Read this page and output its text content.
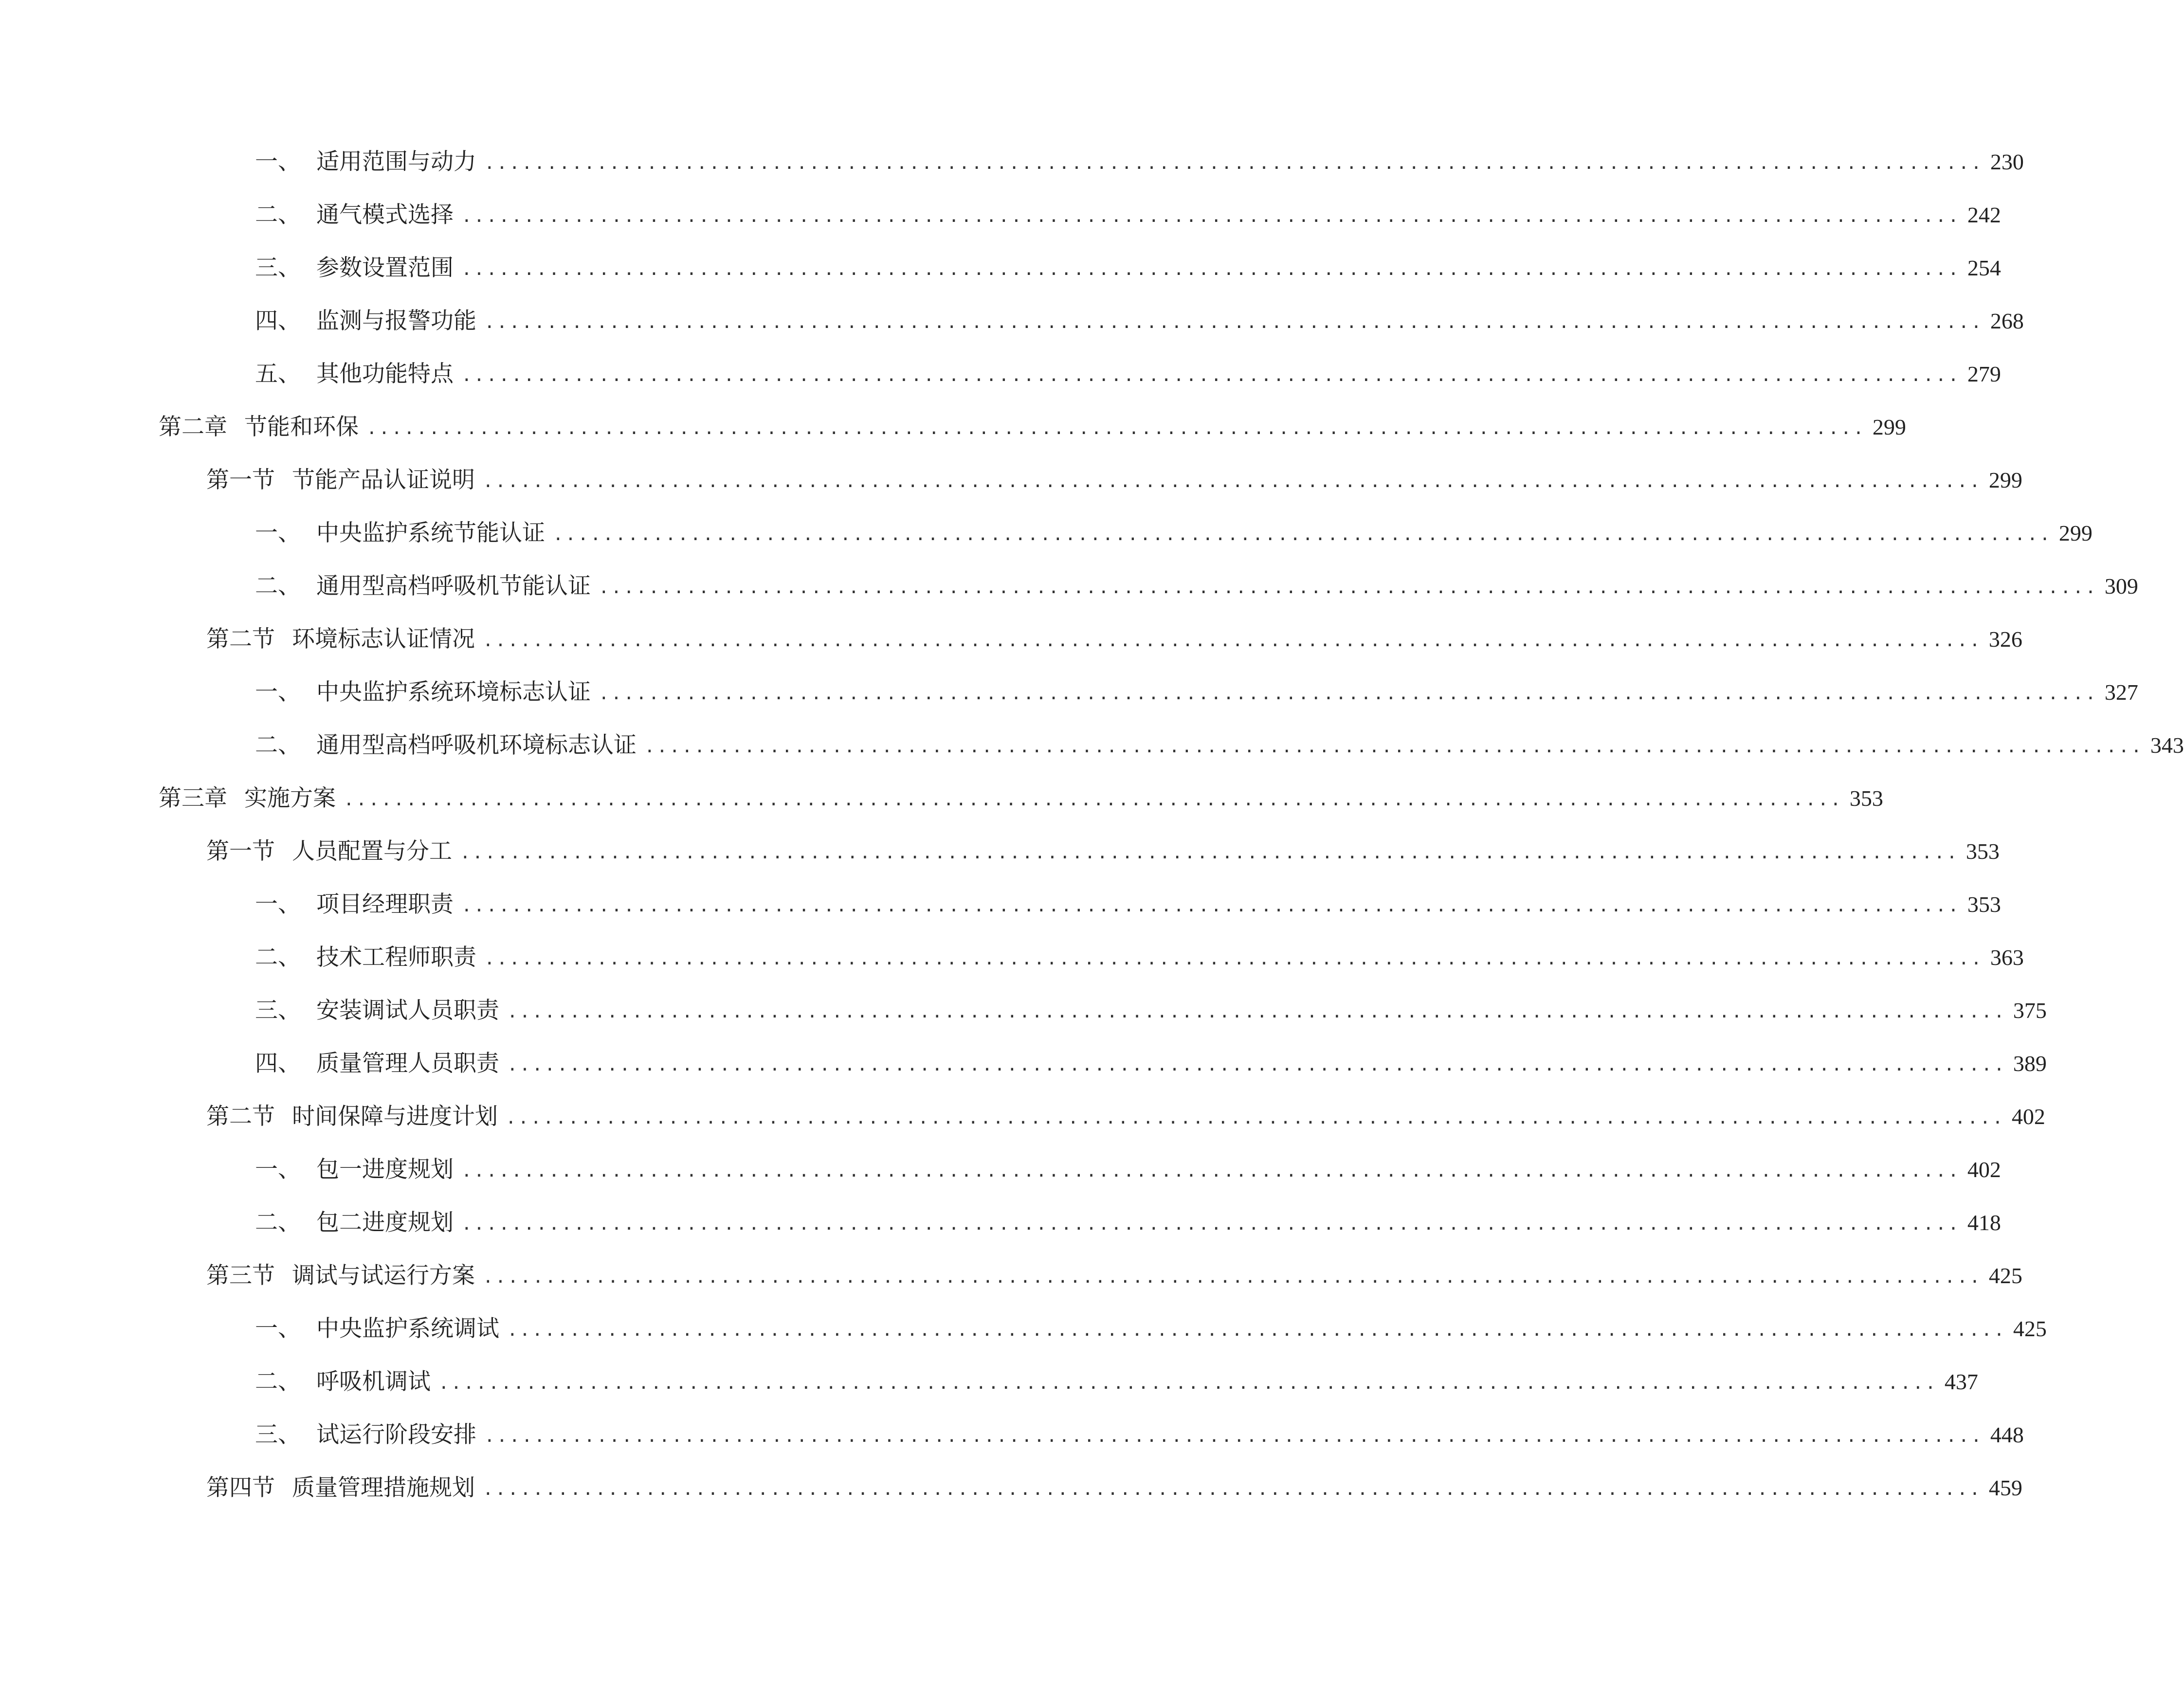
一、 适用范围与动力 ........................................................................................................................ 230
二、 通气模式选择 ........................................................................................................................ 242
三、 参数设置范围 ........................................................................................................................ 254
四、 监测与报警功能 ........................................................................................................................ 268
五、 其他功能特点 ........................................................................................................................ 279
第二章 节能和环保 ........................................................................................................................ 299
第一节 节能产品认证说明 ........................................................................................................................ 299
一、 中央监护系统节能认证 ........................................................................................................................ 299
二、 通用型高档呼吸机节能认证 ........................................................................................................................ 309
第二节 环境标志认证情况 ........................................................................................................................ 326
一、 中央监护系统环境标志认证 ........................................................................................................................ 327
二、 通用型高档呼吸机环境标志认证 ........................................................................................................................ 343
第三章 实施方案 ........................................................................................................................ 353
第一节 人员配置与分工 ........................................................................................................................ 353
一、 项目经理职责 ........................................................................................................................ 353
二、 技术工程师职责 ........................................................................................................................ 363
三、 安装调试人员职责 ........................................................................................................................ 375
四、 质量管理人员职责 ........................................................................................................................ 389
第二节 时间保障与进度计划 ........................................................................................................................ 402
一、 包一进度规划 ........................................................................................................................ 402
二、 包二进度规划 ........................................................................................................................ 418
第三节 调试与试运行方案 ........................................................................................................................ 425
一、 中央监护系统调试 ........................................................................................................................ 425
二、 呼吸机调试 ........................................................................................................................ 437
三、 试运行阶段安排 ........................................................................................................................ 448
第四节 质量管理措施规划 ........................................................................................................................ 459
